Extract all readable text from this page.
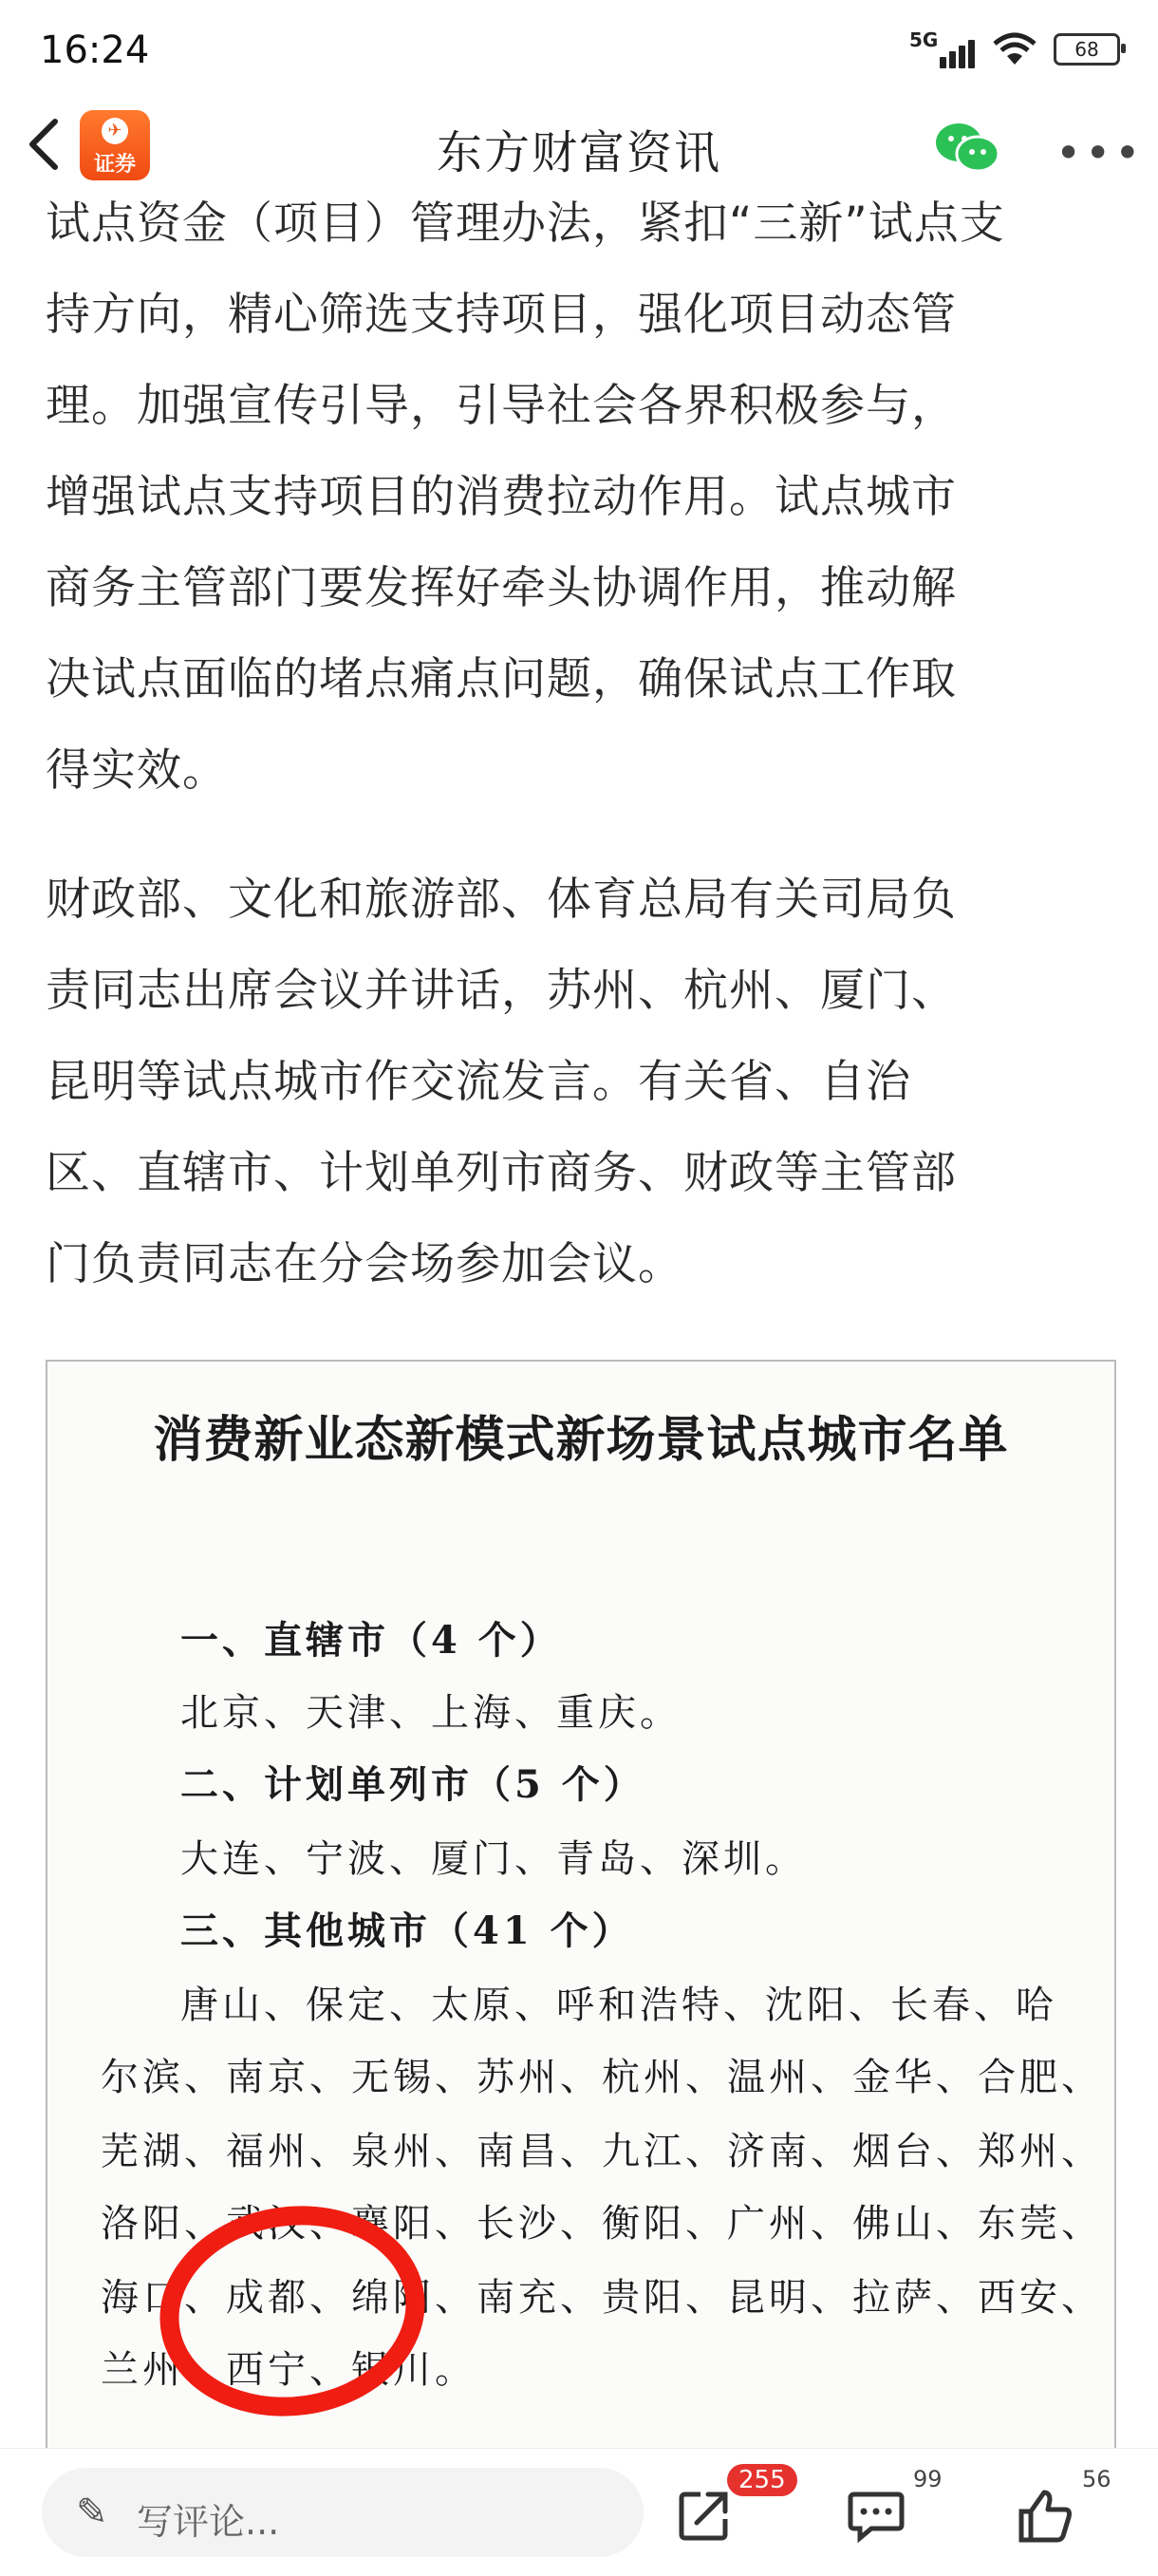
16:24	5G	68
✈
证券	东方财富资讯	•••

试点资金（项目）管理办法，紧扣“三新”试点支

持方向，精心筛选支持项目，强化项目动态管

理。加强宣传引导，引导社会各界积极参与，

增强试点支持项目的消费拉动作用。试点城市

商务主管部门要发挥好牵头协调作用，推动解

决试点面临的堵点痛点问题，确保试点工作取

得实效。

财政部、文化和旅游部、体育总局有关司局负

责同志出席会议并讲话，苏州、杭州、厦门、

昆明等试点城市作交流发言。有关省、自治

区、直辖市、计划单列市商务、财政等主管部

门负责同志在分会场参加会议。

消费新业态新模式新场景试点城市名单
一、直辖市（4 个）
北京、天津、上海、重庆。
二、计划单列市（5 个）
大连、宁波、厦门、青岛、深圳。
三、其他城市（41 个）
唐山、保定、太原、呼和浩特、沈阳、长春、哈
尔滨、南京、无锡、苏州、杭州、温州、金华、合肥、
芜湖、福州、泉州、南昌、九江、济南、烟台、郑州、
洛阳、武汉、襄阳、长沙、衡阳、广州、佛山、东莞、
海口、成都、绵阳、南充、贵阳、昆明、拉萨、西安、
兰州、西宁、银川。
✎ 写评论...
255	99	56
